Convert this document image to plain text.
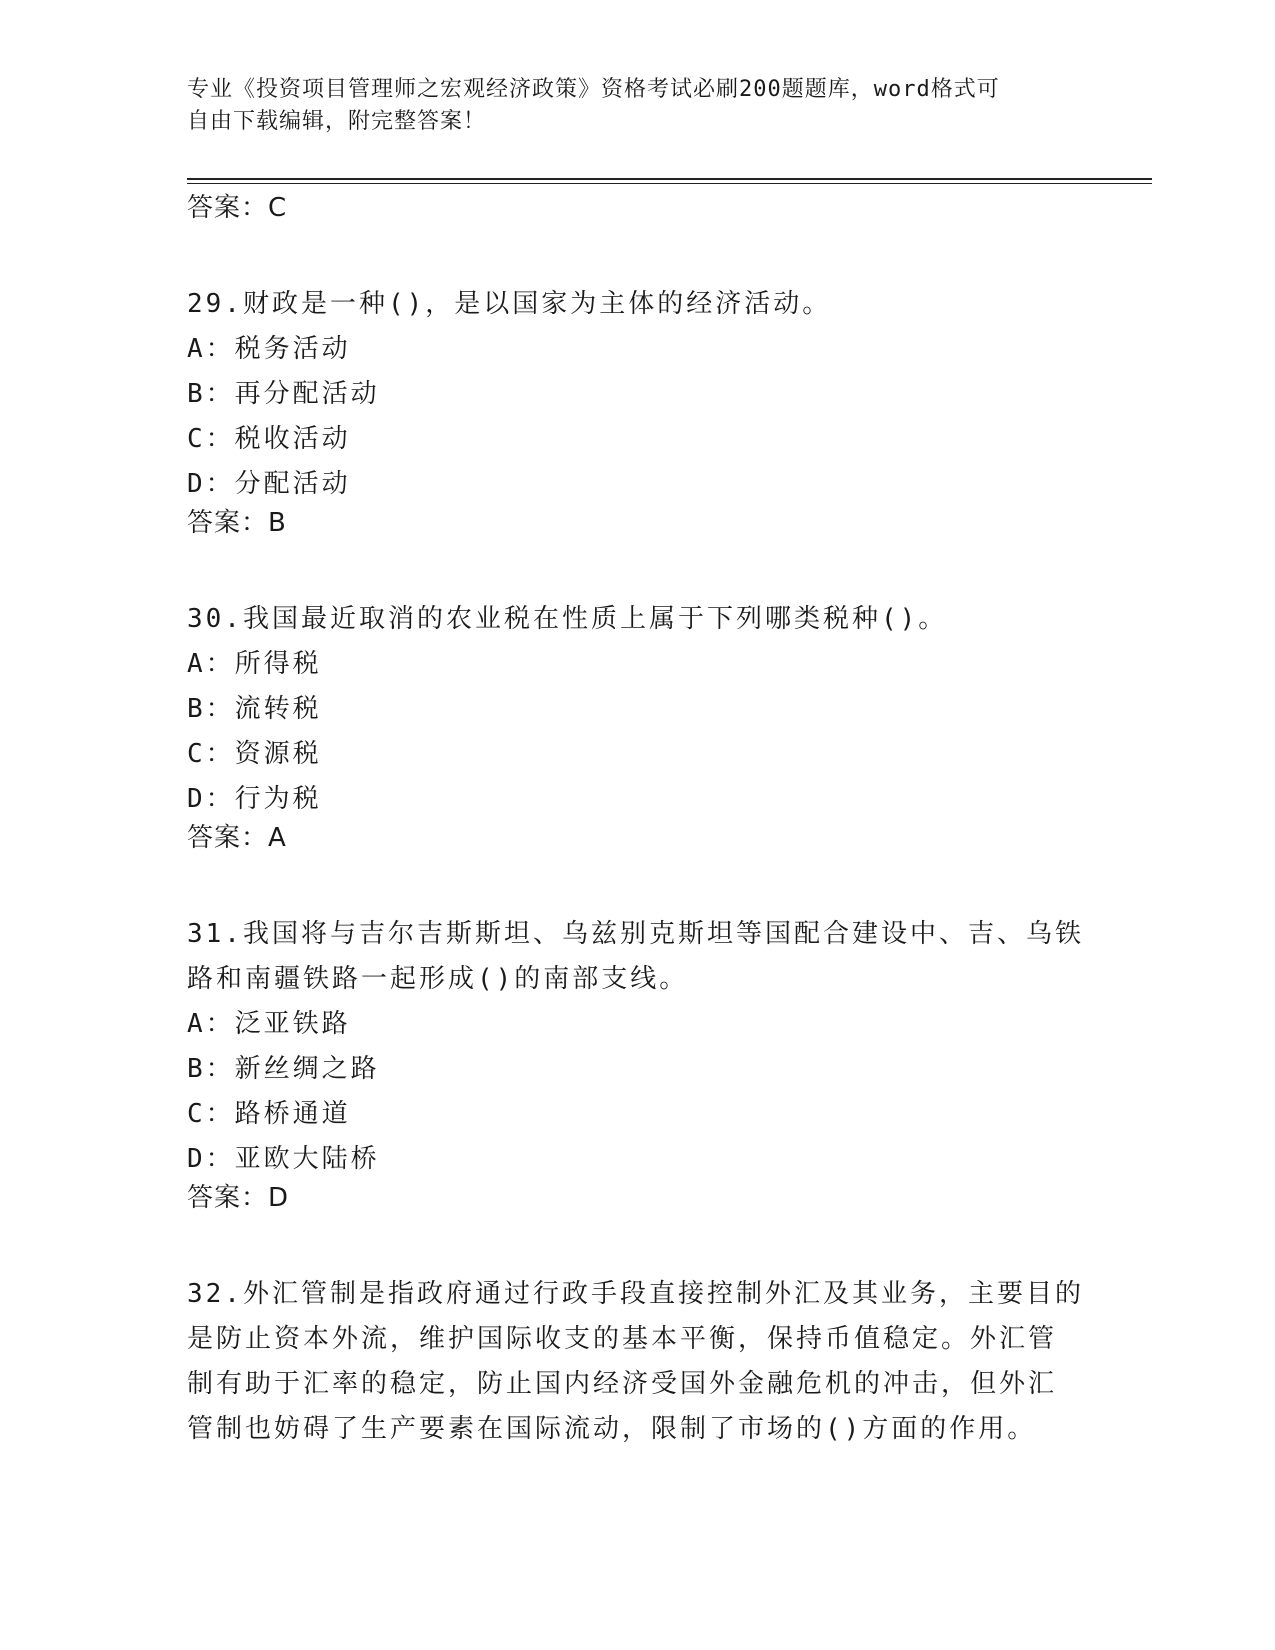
专业《投资项目管理师之宏观经济政策》资格考试必刷200题题库，word格式可
自由下载编辑，附完整答案！

答案：C

29.财政是一种()，是以国家为主体的经济活动。

A：税务活动

B：再分配活动

C：税收活动

D：分配活动

答案：B

30.我国最近取消的农业税在性质上属于下列哪类税种()。

A：所得税

B：流转税

C：资源税

D：行为税

答案：A

31.我国将与吉尔吉斯斯坦、乌兹别克斯坦等国配合建设中、吉、乌铁

路和南疆铁路一起形成()的南部支线。

A：泛亚铁路

B：新丝绸之路

C：路桥通道

D：亚欧大陆桥

答案：D

32.外汇管制是指政府通过行政手段直接控制外汇及其业务，主要目的

是防止资本外流，维护国际收支的基本平衡，保持币值稳定。外汇管

制有助于汇率的稳定，防止国内经济受国外金融危机的冲击，但外汇

管制也妨碍了生产要素在国际流动，限制了市场的()方面的作用。
